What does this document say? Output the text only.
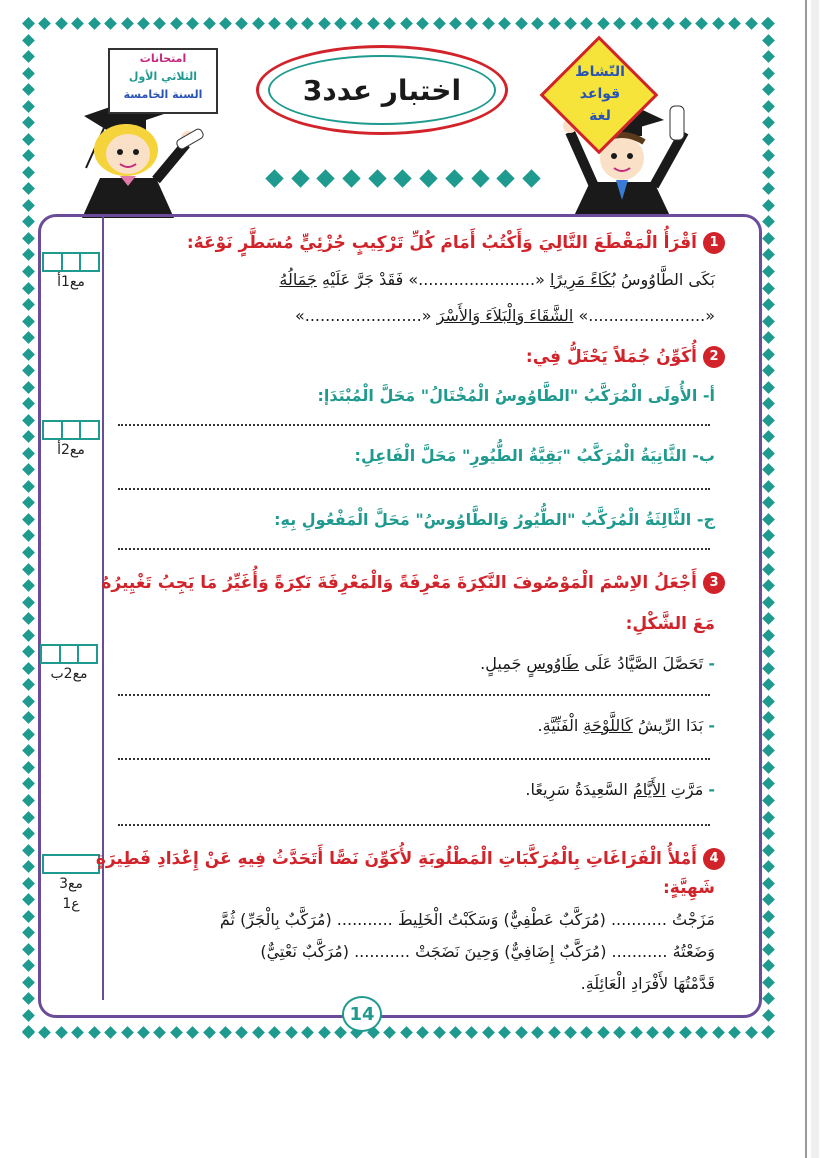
امتحانات
الثلاثي الأول
السنة الخامسة
النّشاط
قواعد
لغة
اختبار عدد3
مع1أ
مع2أ
مع2ب
مع3
ع1
1اَقْرَأُ الْمَقْطَعَ التَّالِيَ وَأَكْتُبُ أَمَامَ كُلِّ تَرْكِيبٍ جُزْئِيٍّ مُسَطَّرٍ نَوْعَهُ:
بَكَى الطَّاوُوسُ بُكَاءً مَرِيرًا «.......................» فَقَدْ جَرَّ عَلَيْهِ جَمَالُهُ
«.......................» الشَّقَاءَ وَالْبَلاَءَ وَالأَسْرَ «.......................»
2أُكَوِّنُ جُمَلاً يَحْتَلُّ فِي:
أ- الأُولَى الْمُرَكَّبُ "الطَّاوُوسُ الْمُخْتَالُ" مَحَلَّ الْمُبْتَدَإ:
ب- الثَّانِيَةُ الْمُرَكَّبُ "بَقِيَّةُ الطُّيُورِ" مَحَلَّ الْفَاعِلِ:
ج- الثَّالِثَةُ الْمُرَكَّبُ "الطُّيُورُ وَالطَّاوُوسُ" مَحَلَّ الْمَفْعُولِ بِهِ:
3أَجْعَلُ الاِسْمَ الْمَوْصُوفَ النَّكِرَةَ مَعْرِفَةً وَالْمَعْرِفَةَ نَكِرَةً وَأُغَيِّرُ مَا يَجِبُ تَغْيِيرُهُ
مَعَ الشَّكْلِ:
- تَحَصَّلَ الصَّيَّادُ عَلَى طَاوُوسٍ جَمِيلٍ.
- بَدَا الرِّيشُ كَاللَّوْحَةِ الْفَنِّيَّةِ.
- مَرَّتِ الأَيَّامُ السَّعِيدَةُ سَرِيعًا.
4أَمْلأُ الْفَرَاغَاتِ بِالْمُرَكَّبَاتِ الْمَطْلُوبَةِ لأُكَوِّنَ نَصًّا أَتَحَدَّثُ فِيهِ عَنْ إِعْدَادِ فَطِيرَةٍ
شَهِيَّةٍ:
مَزَجْتُ ........... (مُرَكَّبٌ عَطْفِيٌّ) وَسَكَبْتُ الْخَلِيطَ ........... (مُرَكَّبٌ بِالْجَرِّ) ثُمَّ
وَضَعْتُهُ ........... (مُرَكَّبٌ إِضَافِيٌّ) وَحِينَ نَضَجَتْ ........... (مُرَكَّبٌ نَعْتِيٌّ)
قَدَّمْتُهَا لأَفْرَادِ الْعَائِلَةِ.
14
